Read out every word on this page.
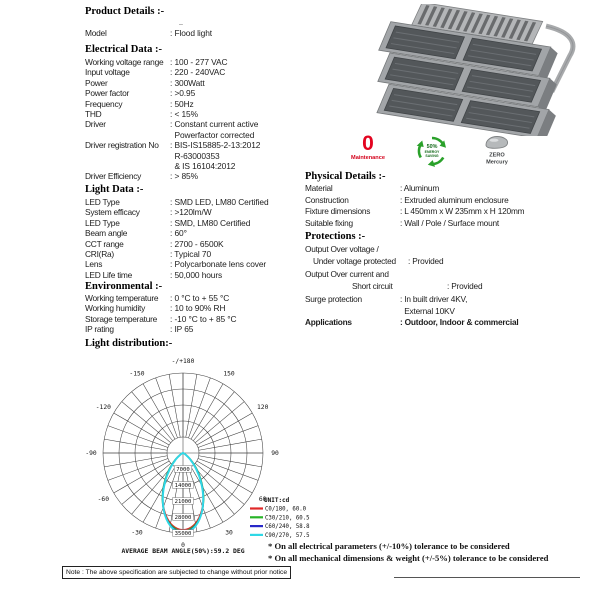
Product Details :-
–
Model	: Flood light
Electrical Data :-
Working voltage range : 100 - 277 VAC
Input voltage	: 220 - 240VAC
Power	: 300Watt
Power factor	: >0.95
Frequency	: 50Hz
THD	: < 15%
Driver	: Constant current active
Powerfactor corrected
Driver registration No	: BIS-IS15885-2-13:2012
R-63000353
& IS 16104:2012
Driver Efficiency	: > 85%
Light Data :-
LED Type	: SMD LED, LM80 Certified
System efficacy	: >120lm/W
LED Type	: SMD, LM80 Certified
Beam angle	: 60°
CCT range	: 2700 - 6500K
CRI(Ra)	: Typical 70
Lens	: Polycarbonate lens cover
LED Life time	: 50,000 hours
Environmental :-
Working temperature	: 0 °C to + 55 °C
Working humidity	: 10 to 90% RH
Storage temperature	: -10 °C to + 85 °C
IP rating	: IP 65
Light distribution:-
AVERAGE BEAM ANGLE(50%):59.2 DEG
-/+180
150
120
90
60
30
0
-30
-60
-90
-120
-150
7000
14000
21000
28000
35000
UNIT:cd
C0/180, 60.0
C30/210, 60.5
C60/240, 58.8
C90/270, 57.5
0
Maintenance
50%
ENERGY
SAVING	ZERO
Mercury
Physical Details :-
Material	: Aluminum
Construction	: Extruded aluminum enclosure
Fixture dimensions	: L 450mm x W 235mm x H 120mm
Suitable fixing	: Wall / Pole / Surface mount
Protections :-
Output Over voltage /
Under voltage protected	: Provided
Output Over current and
Short circuit	: Provided
Surge protection	: In built driver 4KV,
External 10KV
Applications	: Outdoor, Indoor & commercial
* On all electrical parameters (+/-10%) tolerance to be considered
* On all mechanical dimensions & weight (+/-5%) tolerance to be considered
Note : The above specification are subjected to change without prior notice
